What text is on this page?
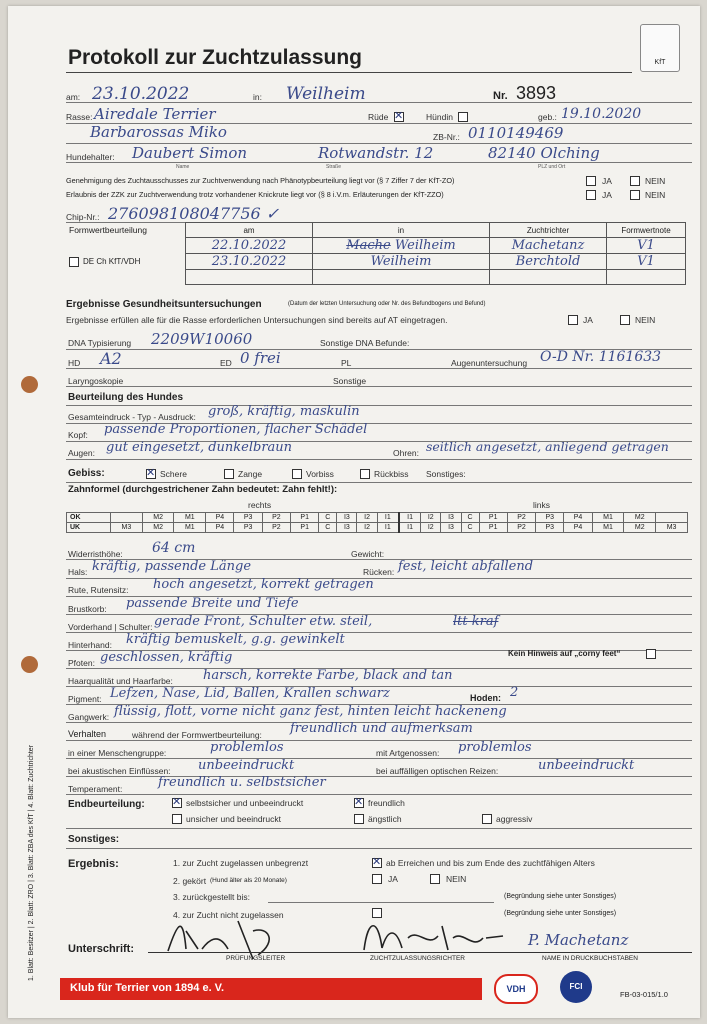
Protokoll zur Zuchtzulassung	KfT
am: 23.10.2022	in: Weilheim	Nr. 3893
Rasse: Airedale Terrier	Rüde ✕	Hündin	geb.: 19.10.2020
Barbarossas Miko	ZB-Nr.: 0110149469
Hundehalter: Daubert Simon	Rotwandstr. 12	82140 Olching
Name	Straße	PLZ und Ort
Genehmigung des Zuchtausschusses zur Zuchtverwendung nach Phänotypbeurteilung liegt vor (§ 7 Ziffer 7 der KfT-ZO)	JA	NEIN
Erlaubnis der ZZK zur Zuchtverwendung trotz vorhandener Knickrute liegt vor (§ 8 i.V.m. Erläuterungen der KfT-ZZO)	JA	NEIN
Chip-Nr.: 276098108047756 ✓
Formwertbeurteilung	am	in	Zuchtrichter	Formwertnote
	22.10.2022	Mache Weilheim	Machetanz	V1
DE Ch KfT/VDH	23.10.2022	Weilheim	Berchtold	V1

Ergebnisse Gesundheitsuntersuchungen	(Datum der letzten Untersuchung oder Nr. des Befundbogens und Befund)
Ergebnisse erfüllen alle für die Rasse erforderlichen Untersuchungen sind bereits auf AT eingetragen.	JA	NEIN
DNA Typisierung 2209W10060	Sonstige DNA Befunde:
HD A2	ED 0 frei	PL	Augenuntersuchung O-D Nr. 1161633
Laryngoskopie	Sonstige
Beurteilung des Hundes
Gesamteindruck - Typ - Ausdruck: groß, kräftig, maskulin
Kopf: passende Proportionen, flacher Schädel
Augen: gut eingesetzt, dunkelbraun	Ohren: seitlich angesetzt, anliegend getragen
Gebiss: ✕	Schere	Zange	Vorbiss	Rückbiss Sonstiges:
Zahnformel (durchgestrichener Zahn bedeutet: Zahn fehlt!):
rechts	links
OK		M2	M1	P4	P3	P2	P1	C	I3	I2	I1	I1	I2	I3	C	P1	P2	P3	P4	M1	M2	
UK	M3	M2	M1	P4	P3	P2	P1	C	I3	I2	I1	I1	I2	I3	C	P1	P2	P3	P4	M1	M2	M3
Widerristhöhe: 64 cm	Gewicht:
Hals: kräftig, passende Länge	Rücken: fest, leicht abfallend
Rute, Rutensitz: hoch angesetzt, korrekt getragen
Brustkorb: passende Breite und Tiefe
Vorderhand | Schulter: gerade Front, Schulter etw. steil,	ltt kraf
Hinterhand: kräftig bemuskelt, g.g. gewinkelt
Pfoten: geschlossen, kräftig	Kein Hinweis auf „corny feet“
Haarqualität und Haarfarbe: harsch, korrekte Farbe, black and tan
Pigment: Lefzen, Nase, Lid, Ballen, Krallen schwarz	Hoden: 2
Gangwerk: flüssig, flott, vorne nicht ganz fest, hinten leicht hackeneng
Verhalten	während der Formwertbeurteilung: freundlich und aufmerksam
in einer Menschengruppe:	problemlos	mit Artgenossen: problemlos
bei akustischen Einflüssen: unbeeindruckt	bei auffälligen optischen Reizen:	unbeeindruckt
Temperament:	freundlich u. selbstsicher
Endbeurteilung: ✕	selbstsicher und unbeeindruckt ✕	freundlich
unsicher und beeindruckt	ängstlich	aggressiv
Sonstiges:
Ergebnis:	1. zur Zucht zugelassen unbegrenzt ✕	ab Erreichen und bis zum Ende des zuchtfähigen Alters
2. gekört (Hund älter als 20 Monate)	JA	NEIN
3. zurückgestellt bis:	(Begründung siehe unter Sonstiges)
4. zur Zucht nicht zugelassen	(Begründung siehe unter Sonstiges)
Unterschrift:	P. Machetanz
PRÜFUNGSLEITER	ZUCHTZULASSUNGSRICHTER	NAME IN DRUCKBUCHSTABEN
Klub für Terrier von 1894 e. V.	VDH	FCI
FB-03-015/1.0
1. Blatt: Besitzer | 2. Blatt: ZRO | 3. Blatt: ZBA des KfT | 4. Blatt: Zuchtrichter
